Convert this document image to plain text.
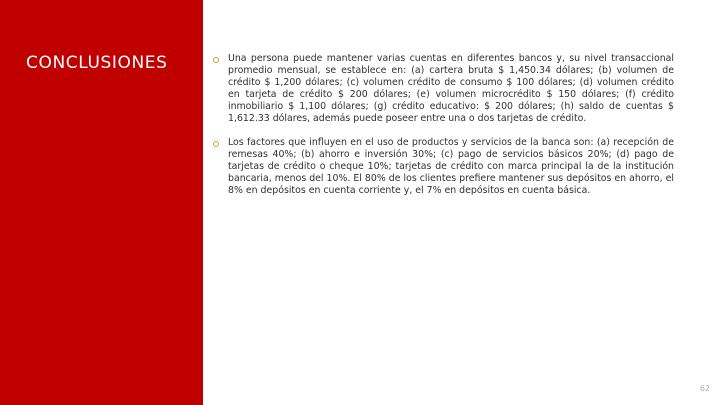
CONCLUSIONES	Una persona puede mantener varias cuentas en diferentes bancos y, su nivel transaccional promedio mensual, se establece en: (a) cartera bruta $ 1,450.34 dólares; (b) volumen de crédito $ 1,200 dólares; (c) volumen crédito de consumo $ 100 dólares; (d) volumen crédito en tarjeta de crédito $ 200 dólares; (e) volumen microcrédito $ 150 dólares; (f) crédito inmobiliario $ 1,100 dólares; (g) crédito educativo: $ 200 dólares; (h) saldo de cuentas $ 1,612.33 dólares, además puede poseer entre una o dos tarjetas de crédito.
Los factores que influyen en el uso de productos y servicios de la banca son: (a) recepción de remesas 40%; (b) ahorro e inversión 30%; (c) pago de servicios básicos 20%; (d) pago de tarjetas de crédito o cheque 10%; tarjetas de crédito con marca principal la de la institución bancaria, menos del 10%. El 80% de los clientes prefiere mantener sus depósitos en ahorro, el 8% en depósitos en cuenta corriente y, el 7% en depósitos en cuenta básica.
62
